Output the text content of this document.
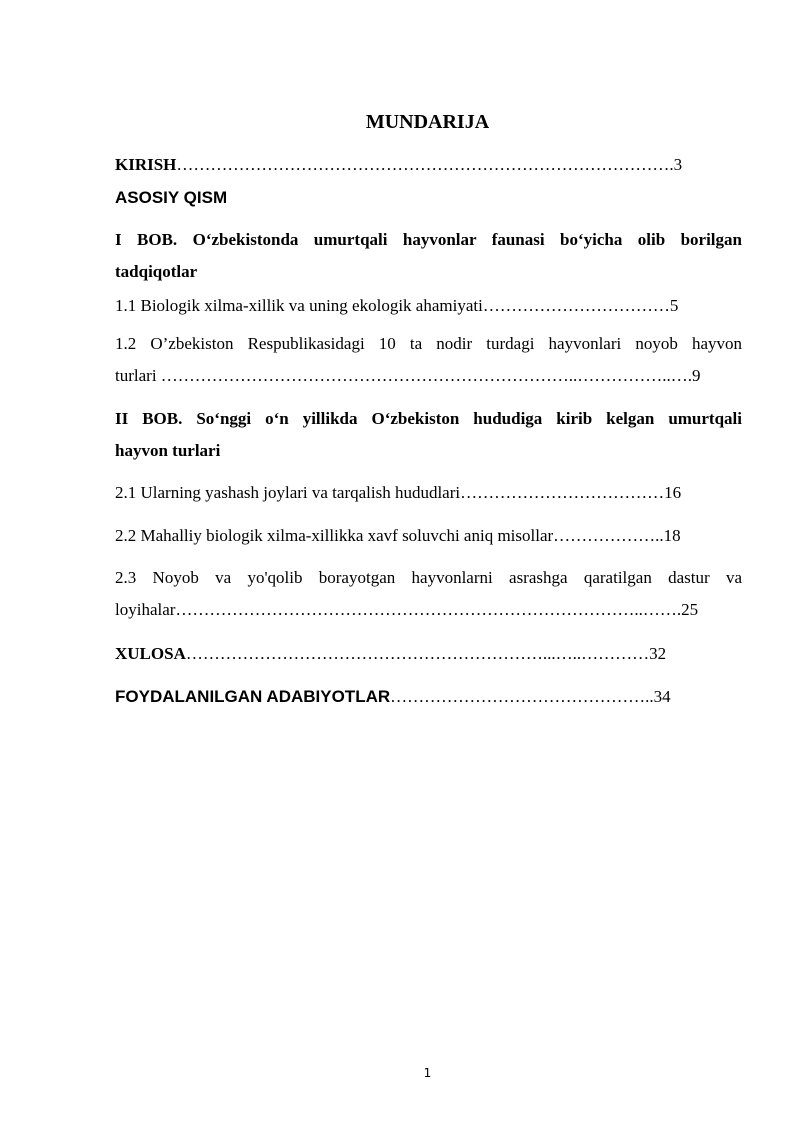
MUNDARIJA
KIRISH…………………………………………………………………………….3
ASOSIY QISM
I BOB. O‘zbekistonda umurtqali hayvonlar faunasi bo‘yicha olib borilgan
tadqiqotlar
1.1 Biologik xilma-xillik va uning ekologik ahamiyati……………………………5
1.2 O’zbekiston Respublikasidagi 10 ta nodir turdagi hayvonlari noyob hayvon
turlari ………………………………………………………………..……………..….9
II BOB. So‘nggi o‘n yillikda O‘zbekiston hududiga kirib kelgan umurtqali
hayvon turlari
2.1 Ularning yashash joylari va tarqalish hududlari………………………………16
2.2 Mahalliy biologik xilma-xillikka xavf soluvchi aniq misollar………………..18
2.3 Noyob va yo'qolib borayotgan hayvonlarni asrashga qaratilgan dastur va
loyihalar………………………………………………………………………..…….25
XULOSA………………………………………………………...…..…………32
FOYDALANILGAN ADABIYOTLAR………………………………………..34
1
